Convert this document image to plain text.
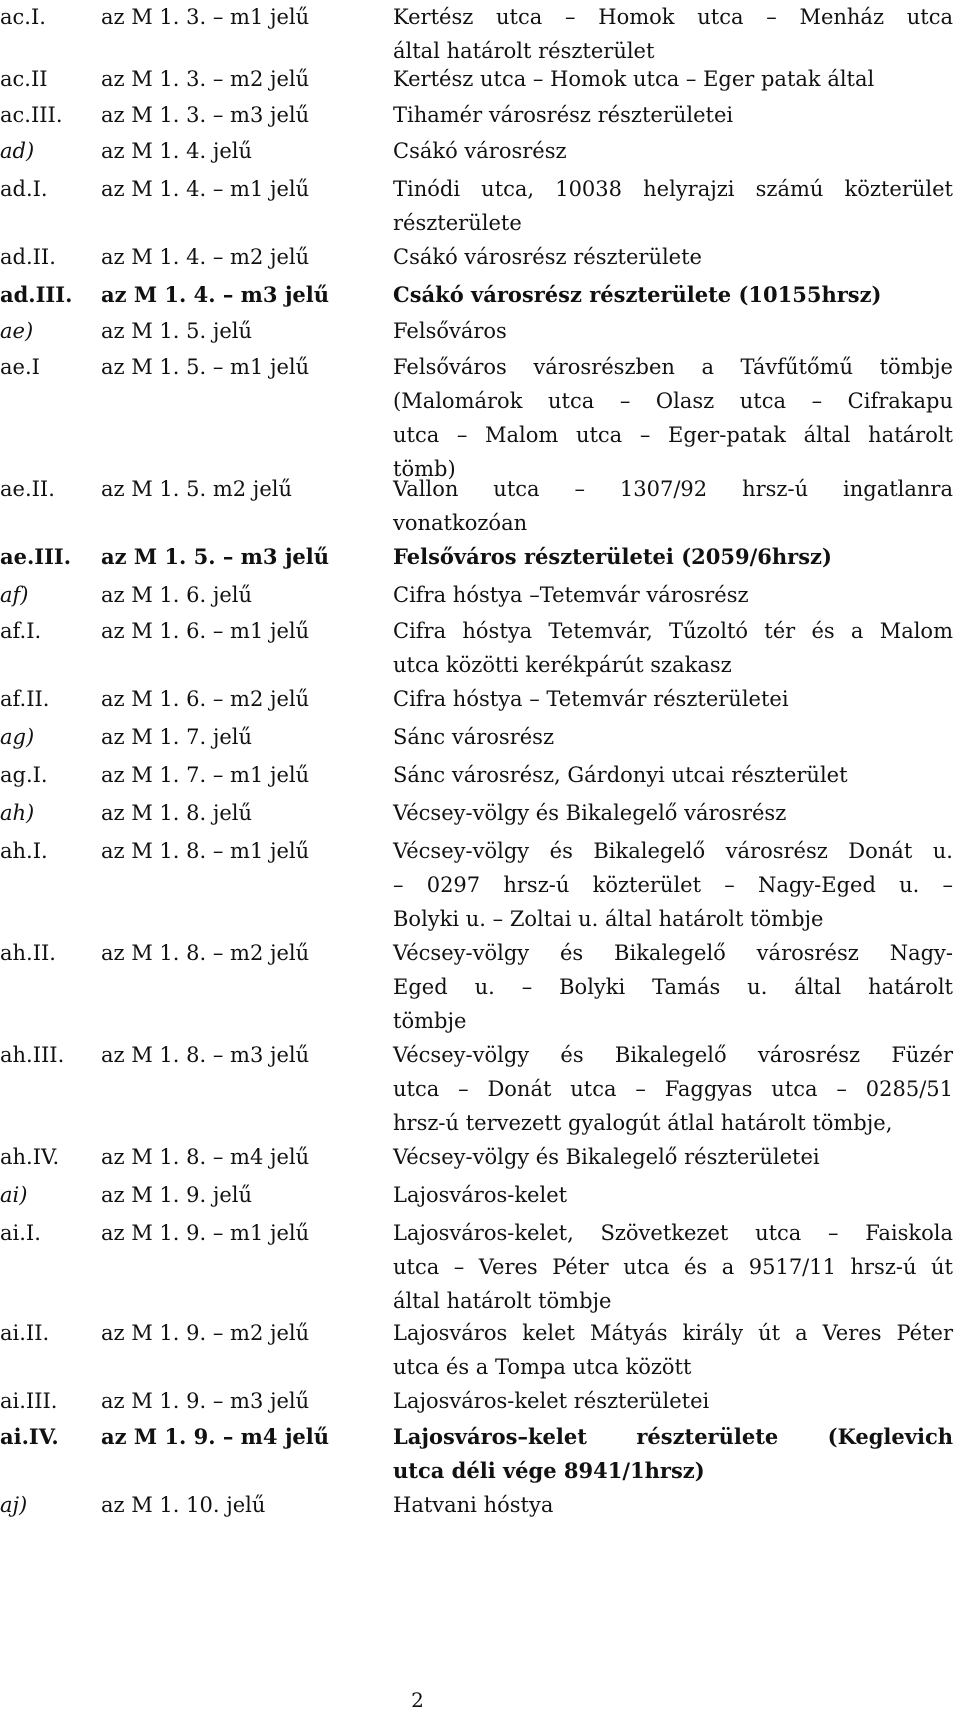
ac.I.	az M 1. 3. – m1 jelű	Kertész utca – Homok utca – Menház utca
által határolt részterület
ac.II	az M 1. 3. – m2 jelű	Kertész utca – Homok utca – Eger patak által
ac.III. az M 1. 3. – m3 jelű	Tihamér városrész részterületei
ad)	az M 1. 4. jelű	Csákó városrész
ad.I.	az M 1. 4. – m1 jelű	Tinódi utca, 10038 helyrajzi számú közterület
részterülete
ad.II. az M 1. 4. – m2 jelű	Csákó városrész részterülete
ad.III. az M 1. 4. – m3 jelű	Csákó városrész részterülete (10155hrsz)
ae)	az M 1. 5. jelű	Felsőváros
ae.I	az M 1. 5. – m1 jelű	Felsőváros városrészben a Távfűtőmű tömbje
(Malomárok utca – Olasz utca – Cifrakapu
utca – Malom utca – Eger-patak által határolt
tömb)
ae.II. az M 1. 5. m2 jelű	Vallon utca – 1307/92 hrsz-ú ingatlanra
vonatkozóan
ae.III. az M 1. 5. – m3 jelű	Felsőváros részterületei (2059/6hrsz)
af)	az M 1. 6. jelű	Cifra hóstya –Tetemvár városrész
af.I.	az M 1. 6. – m1 jelű	Cifra hóstya Tetemvár, Tűzoltó tér és a Malom
utca közötti kerékpárút szakasz
af.II. az M 1. 6. – m2 jelű	Cifra hóstya – Tetemvár részterületei
ag)	az M 1. 7. jelű	Sánc városrész
ag.I.	az M 1. 7. – m1 jelű	Sánc városrész, Gárdonyi utcai részterület
ah)	az M 1. 8. jelű	Vécsey-völgy és Bikalegelő városrész
ah.I.	az M 1. 8. – m1 jelű	Vécsey-völgy és Bikalegelő városrész Donát u.
– 0297 hrsz-ú közterület – Nagy-Eged u. –
Bolyki u. – Zoltai u. által határolt tömbje
ah.II. az M 1. 8. – m2 jelű	Vécsey-völgy és Bikalegelő városrész Nagy-
Eged u. – Bolyki Tamás u. által határolt
tömbje
ah.III. az M 1. 8. – m3 jelű	Vécsey-völgy és Bikalegelő városrész Füzér
utca – Donát utca – Faggyas utca – 0285/51
hrsz-ú tervezett gyalogút átlal határolt tömbje,
ah.IV. az M 1. 8. – m4 jelű	Vécsey-völgy és Bikalegelő részterületei
ai)	az M 1. 9. jelű	Lajosváros-kelet
ai.I.	az M 1. 9. – m1 jelű	Lajosváros-kelet, Szövetkezet utca – Faiskola
utca – Veres Péter utca és a 9517/11 hrsz-ú út
által határolt tömbje
ai.II. az M 1. 9. – m2 jelű	Lajosváros kelet Mátyás király út a Veres Péter
utca és a Tompa utca között
ai.III. az M 1. 9. – m3 jelű	Lajosváros-kelet részterületei
ai.IV. az M 1. 9. – m4 jelű	Lajosváros–kelet részterülete (Keglevich
utca déli vége 8941/1hrsz)
aj)	az M 1. 10. jelű	Hatvani hóstya
2
